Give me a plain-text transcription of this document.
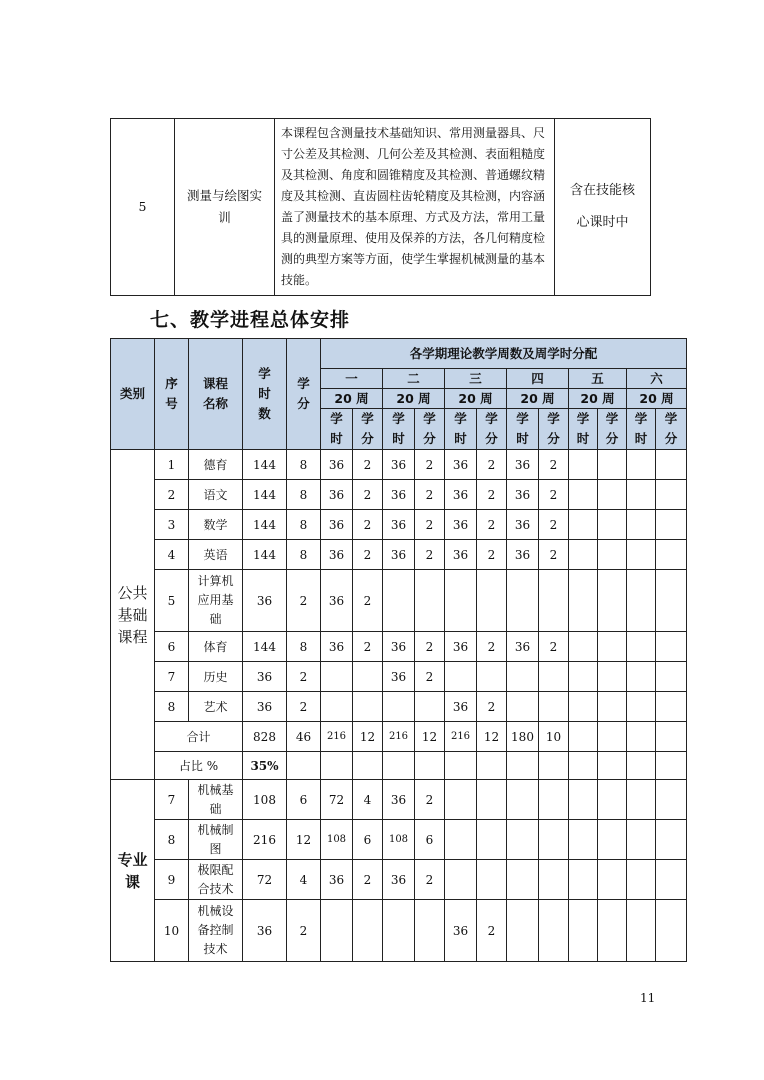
5	测量与绘图实训	本课程包含测量技术基础知识、常用测量器具、尺寸公差及其检测、几何公差及其检测、表面粗糙度及其检测、角度和圆锥精度及其检测、普通螺纹精度及其检测、直齿圆柱齿轮精度及其检测，内容涵盖了测量技术的基本原理、方式及方法，常用工量具的测量原理、使用及保养的方法，各几何精度检测的典型方案等方面，使学生掌握机械测量的基本技能。	含在技能核心课时中
七、教学进程总体安排
类别	序号	课程名称	学时数	学分	各学期理论教学周数及周学时分配											
					一		二		三		四		五		六	
					20 周		20 周		20 周		20 周		20 周		20 周	
					学时	学分	学时	学分	学时	学分	学时	学分	学时	学分	学时	学分
公共基础课程	1	德育	144	8	36	2	36	2	36	2	36	2				
	2	语文	144	8	36	2	36	2	36	2	36	2				
	3	数学	144	8	36	2	36	2	36	2	36	2				
	4	英语	144	8	36	2	36	2	36	2	36	2				
	5	计算机应用基础	36	2	36	2										
	6	体育	144	8	36	2	36	2	36	2	36	2				
	7	历史	36	2			36	2								
	8	艺术	36	2					36	2						
	合计		828	46	216	12	216	12	216	12	180	10				
	占比 %		35%													
专业课	7	机械基础	108	6	72	4	36	2								
	8	机械制图	216	12	108	6	108	6								
	9	极限配合技术	72	4	36	2	36	2								
	10	机械设备控制技术	36	2					36	2						
11
